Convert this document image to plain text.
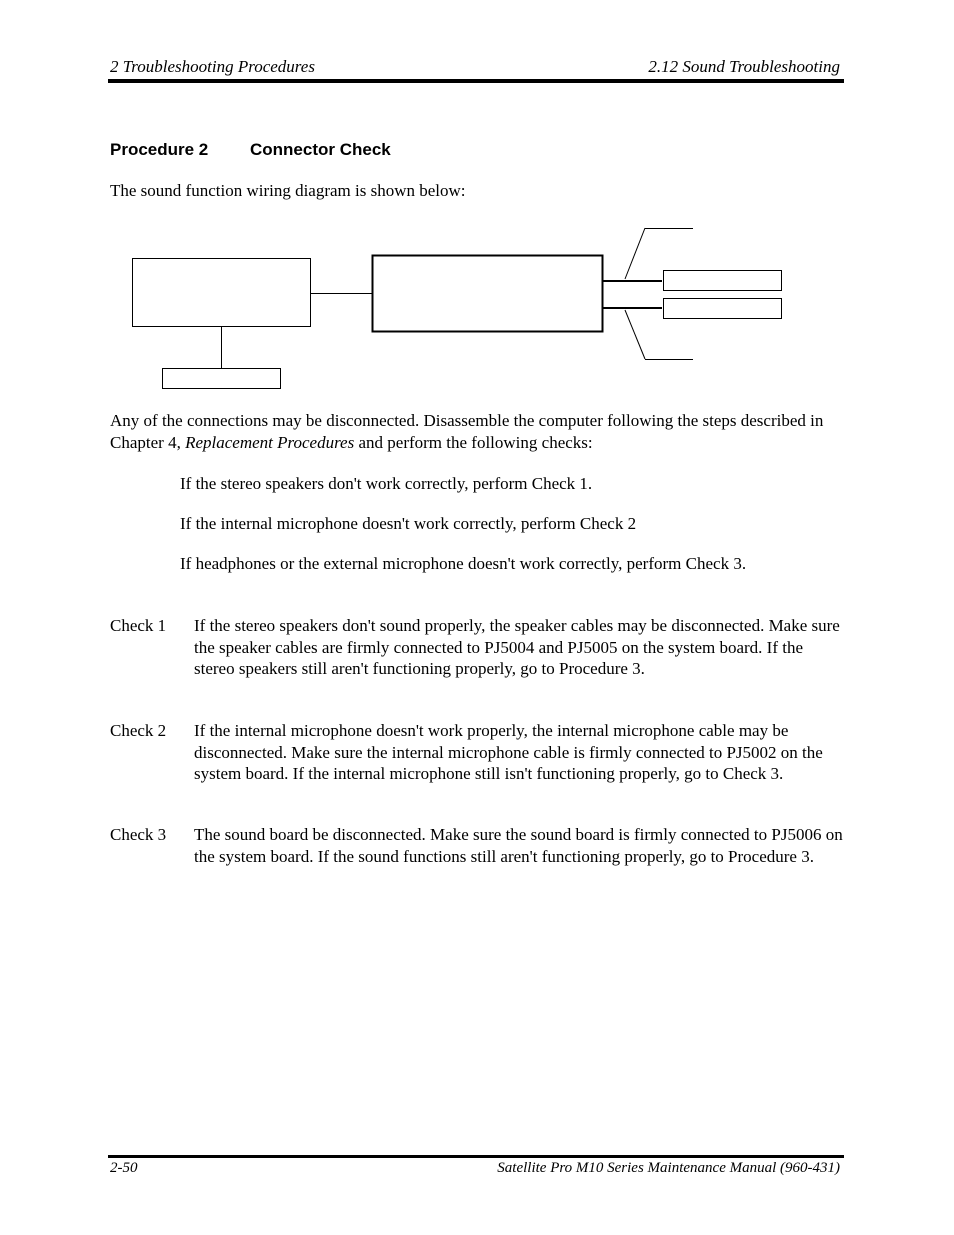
2 Troubleshooting Procedures	2.12 Sound Troubleshooting
Procedure 2 Connector Check
The sound function wiring diagram is shown below:
Any of the connections may be disconnected. Disassemble the computer following the steps described in Chapter 4, Replacement Procedures and perform the following checks:
If the stereo speakers don't work correctly, perform Check 1.
If the internal microphone doesn't work correctly, perform Check 2
If headphones or the external microphone doesn't work correctly, perform Check 3.
Check 1 If the stereo speakers don't sound properly, the speaker cables may be disconnected. Make sure the speaker cables are firmly connected to PJ5004 and PJ5005 on the system board. If the stereo speakers still aren't functioning properly, go to Procedure 3.
Check 2 If the internal microphone doesn't work properly, the internal microphone cable may be disconnected. Make sure the internal microphone cable is firmly connected to PJ5002 on the system board. If the internal microphone still isn't functioning properly, go to Check 3.
Check 3 The sound board be disconnected. Make sure the sound board is firmly connected to PJ5006 on the system board. If the sound functions still aren't functioning properly, go to Procedure 3.
2-50	Satellite Pro M10 Series Maintenance Manual (960-431)
